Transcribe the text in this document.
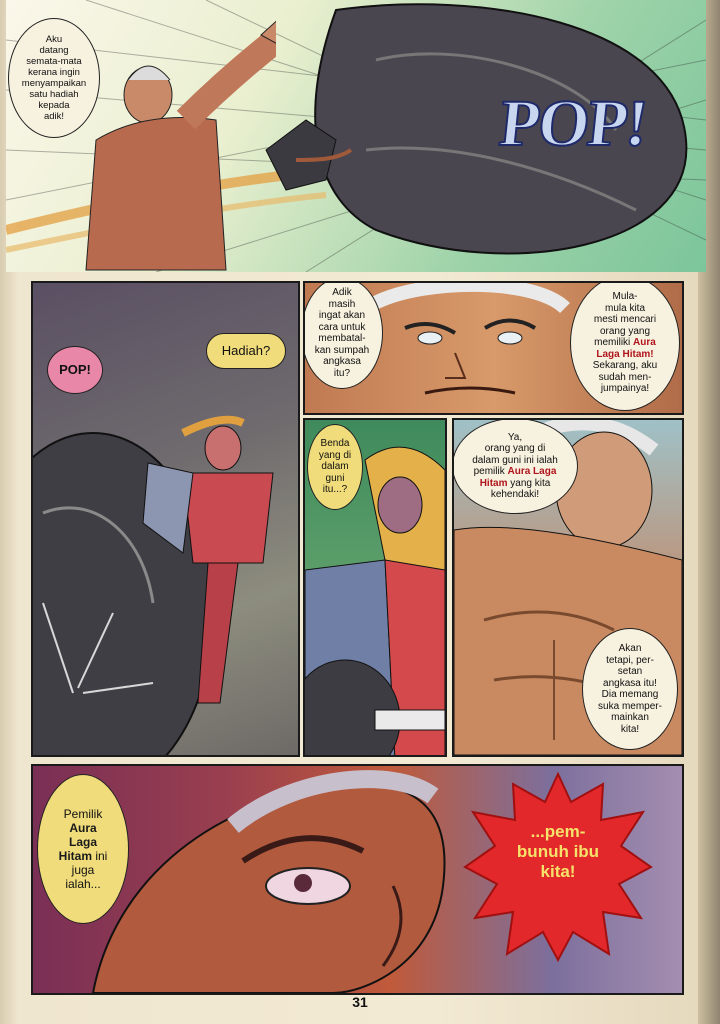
Aku
datang
semata-mata
kerana ingin
menyampaikan
satu hadiah
kepada
adik!	POP!
POP!
Hadiah?
Adik
masih
ingat akan
cara untuk
membatal-
kan sumpah
angkasa
itu?
Mula-
mula kita
mesti mencari
orang yang
memiliki Aura
Laga Hitam!
Sekarang, aku
sudah men-
jumpainya!
Benda
yang di
dalam
guni
itu...?
Ya,
orang yang di
dalam guni ini ialah
pemilik Aura Laga
Hitam yang kita
kehendaki!
Akan
tetapi, per-
setan
angkasa itu!
Dia memang
suka memper-
mainkan
kita!
Pemilik
Aura
Laga
Hitam ini
juga
ialah...
...pem-
bunuh ibu
kita!
31
